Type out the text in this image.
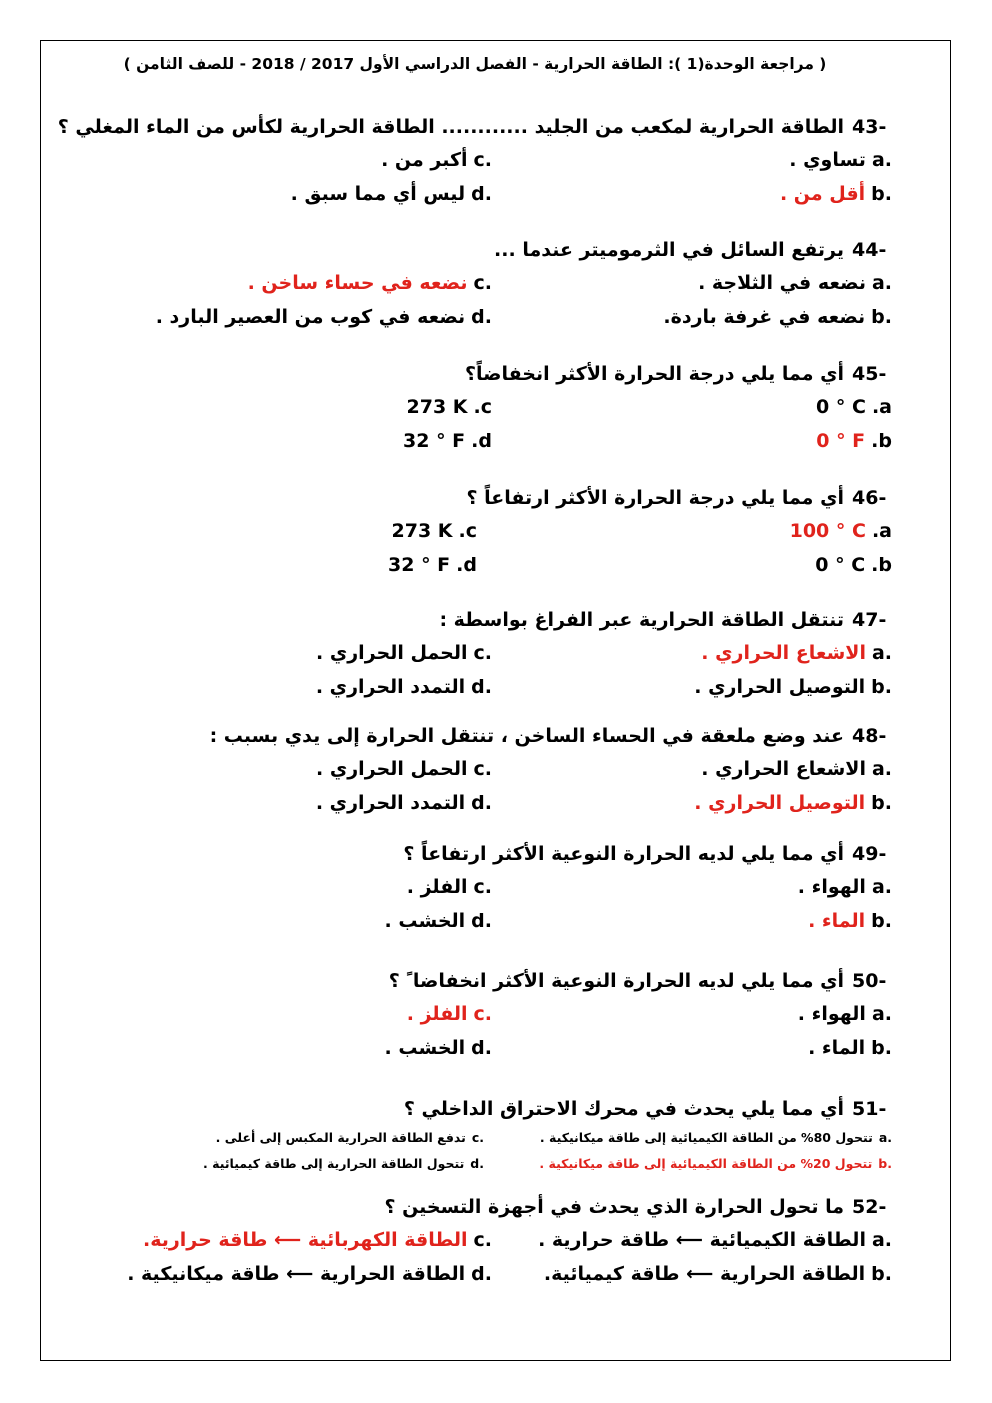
( مراجعة الوحدة(1 ): الطاقة الحرارية - الفصل الدراسي الأول 2017 / 2018 - للصف الثامن )
43-
الطاقة الحرارية لمكعب من الجليد ............ الطاقة الحرارية لكأس من الماء المغلي ؟
a.
تساوي .
c.
أكبر من .
b.
أقل من .
d.
ليس أي مما سبق .
44-
يرتفع السائل في الثرموميتر عندما ...
a.
نضعه في الثلاجة .
c.
نضعه في حساء ساخن .
b.
نضعه في غرفة باردة.
d.
نضعه في كوب من العصير البارد .
45-
أي مما يلي درجة الحرارة الأكثر انخفاضاً؟
0 ° C .a
273 K .c
0 ° F .b
32 ° F .d
46-
أي مما يلي درجة الحرارة الأكثر ارتفاعاً ؟
100 ° C .a
273 K .c
0 ° C .b
32 ° F .d
47-
تنتقل الطاقة الحرارية عبر الفراغ بواسطة :
a.
الاشعاع الحراري .
c.
الحمل الحراري .
b.
التوصيل الحراري .
d.
التمدد الحراري .
48-
عند وضع ملعقة في الحساء الساخن ، تنتقل الحرارة إلى يدي بسبب :
a.
الاشعاع الحراري .
c.
الحمل الحراري .
b.
التوصيل الحراري .
d.
التمدد الحراري .
49-
أي مما يلي لديه الحرارة النوعية الأكثر ارتفاعاً ؟
a.
الهواء .
c.
الفلز .
b.
الماء .
d.
الخشب .
50-
أي مما يلي لديه الحرارة النوعية الأكثر انخفاضا ً ؟
a.
الهواء .
c.
الفلز .
b.
الماء .
d.
الخشب .
51-
أي مما يلي يحدث في محرك الاحتراق الداخلي ؟
a.
تتحول 80% من الطاقة الكيميائية إلى طاقة ميكانيكية .
c.
تدفع الطاقة الحرارية المكبس إلى أعلى .
b.
تتحول 20% من الطاقة الكيميائية إلى طاقة ميكانيكية .
d.
تتحول الطاقة الحرارية إلى طاقة كيميائية .
52-
ما تحول الحرارة الذي يحدث في أجهزة التسخين ؟
a.
الطاقة الكيميائية ⟵ طاقة حرارية .
c.
الطاقة الكهربائية ⟵ طاقة حرارية.
b.
الطاقة الحرارية ⟵ طاقة كيميائية.
d.
الطاقة الحرارية ⟵ طاقة ميكانيكية .
